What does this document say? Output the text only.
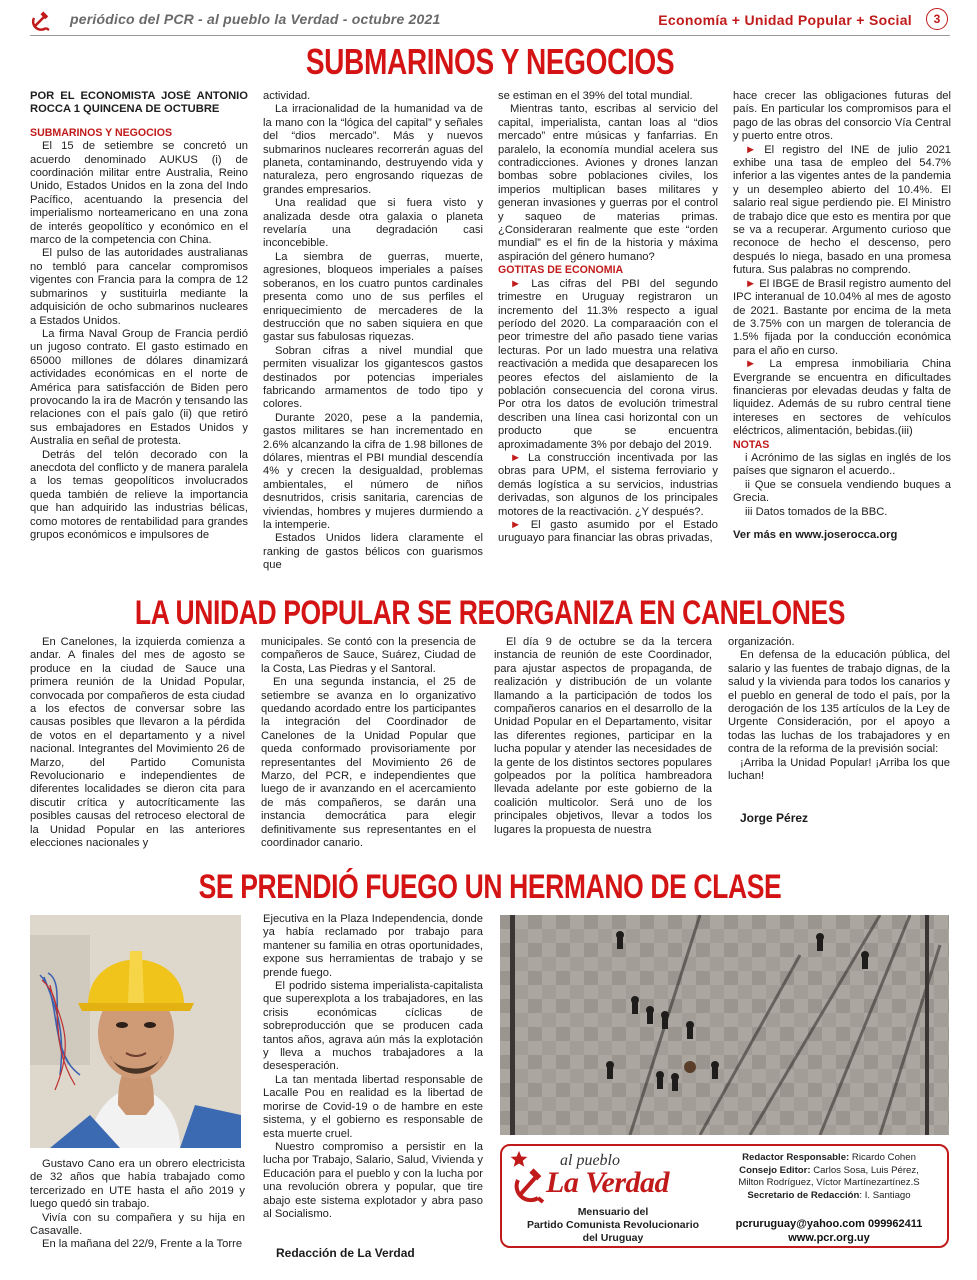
periódico del PCR - al pueblo la Verdad - octubre 2021	Economía + Unidad Popular + Social	3
SUBMARINOS Y NEGOCIOS

POR EL ECONOMISTA JOSÉ ANTONIO ROCCA 1 QUINCENA DE OCTUBRE

SUBMARINOS Y NEGOCIOS

El 15 de setiembre se concretó un acuerdo denominado AUKUS (i) de coordinación militar entre Australia, Reino Unido, Estados Unidos en la zona del Indo Pacífico, acentuando la presencia del imperialismo norteamericano en una zona de interés geopolítico y económico en el marco de la competencia con China.

El pulso de las autoridades australianas no tembló para cancelar compromisos vigentes con Francia para la compra de 12 submarinos y sustituirla mediante la adquisición de ocho submarinos nucleares a Estados Unidos.

La firma Naval Group de Francia perdió un jugoso contrato. El gasto estimado en 65000 millones de dólares dinamizará actividades económicas en el norte de América para satisfacción de Biden pero provocando la ira de Macrón y tensando las relaciones con el país galo (ii) que retiró sus embajadores en Estados Unidos y Australia en señal de protesta.

Detrás del telón decorado con la anecdota del conflicto y de manera paralela a los temas geopolíticos involucrados queda también de relieve la importancia que han adquirido las industrias bélicas, como motores de rentabilidad para grandes grupos económicos e impulsores de

actividad.

La irracionalidad de la humanidad va de la mano con la “lógica del capital” y señales del “dios mercado”. Más y nuevos submarinos nucleares recorrerán aguas del planeta, contaminando, destruyendo vida y naturaleza, pero engrosando riquezas de grandes empresarios.

Una realidad que si fuera visto y analizada desde otra galaxia o planeta revelaría una degradación casi inconcebible.

La siembra de guerras, muerte, agresiones, bloqueos imperiales a países soberanos, en los cuatro puntos cardinales presenta como uno de sus perfiles el enriquecimiento de mercaderes de la destrucción que no saben siquiera en que gastar sus fabulosas riquezas.

Sobran cifras a nivel mundial que permiten visualizar los gigantescos gastos destinados por potencias imperiales fabricando armamentos de todo tipo y colores.

Durante 2020, pese a la pandemia, gastos militares se han incrementado en 2.6% alcanzando la cifra de 1.98 billones de dólares, mientras el PBI mundial descendía 4% y crecen la desigualdad, problemas ambientales, el número de niños desnutridos, crisis sanitaria, carencias de viviendas, hombres y mujeres durmiendo a la intemperie.

Estados Unidos lidera claramente el ranking de gastos bélicos con guarismos que

se estiman en el 39% del total mundial.

Mientras tanto, escribas al servicio del capital, imperialista, cantan loas al “dios mercado” entre músicas y fanfarrias. En paralelo, la economía mundial acelera sus contradicciones. Aviones y drones lanzan bombas sobre poblaciones civiles, los imperios multiplican bases militares y generan invasiones y guerras por el control y saqueo de materias primas. ¿Consideraran realmente que este “orden mundial” es el fin de la historia y máxima aspiración del género humano?

GOTITAS DE ECONOMIA

► Las cifras del PBI del segundo trimestre en Uruguay registraron un incremento del 11.3% respecto a igual período del 2020. La comparaación con el peor trimestre del año pasado tiene varias lecturas. Por un lado muestra una relativa reactivación a medida que desaparecen los peores efectos del aislamiento de la población consecuencia del corona virus. Por otra los datos de evolución trimestral describen una línea casi horizontal con un producto que se encuentra aproximadamente 3% por debajo del 2019.

► La construcción incentivada por las obras para UPM, el sistema ferroviario y demás logística a su servicios, industrias derivadas, son algunos de los principales motores de la reactivación. ¿Y después?.

► El gasto asumido por el Estado uruguayo para financiar las obras privadas,

hace crecer las obligaciones futuras del país. En particular los compromisos para el pago de las obras del consorcio Vía Central y puerto entre otros.

► El registro del INE de julio 2021 exhibe una tasa de empleo del 54.7% inferior a las vigentes antes de la pandemia y un desempleo abierto del 10.4%. El salario real sigue perdiendo pie. El Ministro de trabajo dice que esto es mentira por que se va a recuperar. Argumento curioso que reconoce de hecho el descenso, pero después lo niega, basado en una promesa futura. Sus palabras no comprendo.

► El IBGE de Brasil registro aumento del IPC interanual de 10.04% al mes de agosto de 2021. Bastante por encima de la meta de 3.75% con un margen de tolerancia de 1.5% fijada por la conducción económica para el año en curso.

► La empresa inmobiliaria China Evergrande se encuentra en dificultades financieras por elevadas deudas y falta de liquidez. Además de su rubro central tiene intereses en sectores de vehículos eléctricos, alimentación, bebidas.(iii)

NOTAS

i Acrónimo de las siglas en inglés de los países que signaron el acuerdo..

ii Que se consuela vendiendo buques a Grecia.

iii Datos tomados de la BBC.

Ver más en www.joserocca.org

LA UNIDAD POPULAR SE REORGANIZA EN CANELONES

En Canelones, la izquierda comienza a andar. A finales del mes de agosto se produce en la ciudad de Sauce una primera reunión de la Unidad Popular, convocada por compañeros de esta ciudad a los efectos de conversar sobre las causas posibles que llevaron a la pérdida de votos en el departamento y a nivel nacional. Integrantes del Movimiento 26 de Marzo, del Partido Comunista Revolucionario e independientes de diferentes localidades se dieron cita para discutir crítica y autocríticamente las posibles causas del retroceso electoral de la Unidad Popular en las anteriores elecciones nacionales y

municipales. Se contó con la presencia de compañeros de Sauce, Suárez, Ciudad de la Costa, Las Piedras y el Santoral.

En una segunda instancia, el 25 de setiembre se avanza en lo organizativo quedando acordado entre los participantes la integración del Coordinador de Canelones de la Unidad Popular que queda conformado provisoriamente por representantes del Movimiento 26 de Marzo, del PCR, e independientes que luego de ir avanzando en el acercamiento de más compañeros, se darán una instancia democrática para elegir definitivamente sus representantes en el coordinador canario.

El día 9 de octubre se da la tercera instancia de reunión de este Coordinador, para ajustar aspectos de propaganda, de realización y distribución de un volante llamando a la participación de todos los compañeros canarios en el desarrollo de la Unidad Popular en el Departamento, visitar las diferentes regiones, participar en la lucha popular y atender las necesidades de la gente de los distintos sectores populares golpeados por la política hambreadora llevada adelante por este gobierno de la coalición multicolor. Será uno de los principales objetivos, llevar a todos los lugares la propuesta de nuestra

organización.

En defensa de la educación pública, del salario y las fuentes de trabajo dignas, de la salud y la vivienda para todos los canarios y el pueblo en general de todo el país, por la derogación de los 135 artículos de la Ley de Urgente Consideración, por el apoyo a todas las luchas de los trabajadores y en contra de la reforma de la previsión social:

¡Arriba la Unidad Popular! ¡Arriba los que luchan!

Jorge Pérez
SE PRENDIÓ FUEGO UN HERMANO DE CLASE

Gustavo Cano era un obrero electricista de 32 años que había trabajado como tercerizado en UTE hasta el año 2019 y luego quedó sin trabajo.

Vivía con su compañera y su hija en Casavalle.

En la mañana del 22/9, Frente a la Torre

Ejecutiva en la Plaza Independencia, donde ya había reclamado por trabajo para mantener su familia en otras oportunidades, expone sus herramientas de trabajo y se prende fuego.

El podrido sistema imperialista-capitalista que superexplota a los trabajadores, en las crisis económicas cíclicas de sobreproducción que se producen cada tantos años, agrava aún más la explotación y lleva a muchos trabajadores a la desesperación.

La tan mentada libertad responsable de Lacalle Pou en realidad es la libertad de morirse de Covid-19 o de hambre en este sistema, y el gobierno es responsable de esta muerte cruel.

Nuestro compromiso a persistir en la lucha por Trabajo, Salario, Salud, Vivienda y Educación para el pueblo y con la lucha por una revolución obrera y popular, que tire abajo este sistema explotador y abra paso al Socialismo.

Redacción de La Verdad
al pueblo
La Verdad
Mensuario del
Partido Comunista Revolucionario
del Uruguay
Redactor Responsable: Ricardo Cohen
Consejo Editor: Carlos Sosa, Luis Pérez,
Milton Rodríguez, Víctor Martínezartínez.S
Secretario de Redacción: I. Santiago
pcruruguay@yahoo.com 099962411
www.pcr.org.uy
